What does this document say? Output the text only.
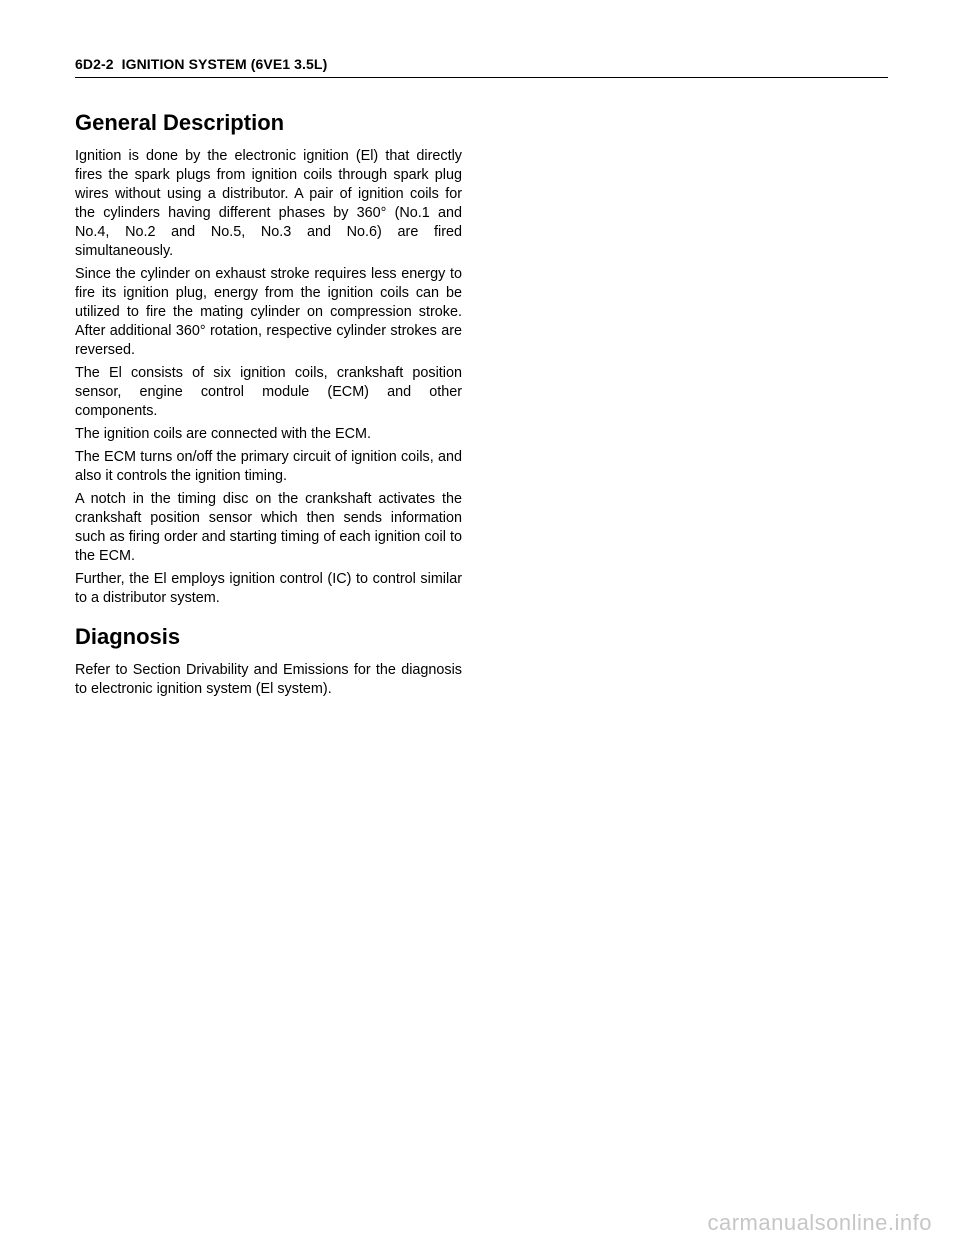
6D2-2  IGNITION SYSTEM (6VE1 3.5L)
General Description

Ignition is done by the electronic ignition (El) that directly fires the spark plugs from ignition coils through spark plug wires without using a distributor. A pair of ignition coils for the cylinders having different phases by 360° (No.1 and No.4, No.2 and No.5, No.3 and No.6) are fired simultaneously.

Since the cylinder on exhaust stroke requires less energy to fire its ignition plug, energy from the ignition coils can be utilized to fire the mating cylinder on compression stroke. After additional 360° rotation, respective cylinder strokes are reversed.

The El consists of six ignition coils, crankshaft position sensor, engine control module (ECM) and other components.

The ignition coils are connected with the ECM.

The ECM turns on/off the primary circuit of ignition coils, and also it controls the ignition timing.

A notch in the timing disc on the crankshaft activates the crankshaft position sensor which then sends information such as firing order and starting timing of each ignition coil to the ECM.

Further, the El employs ignition control (IC) to control similar to a distributor system.

Diagnosis

Refer to Section Drivability and Emissions for the diagnosis to electronic ignition system (El system).

carmanualsonline.info
